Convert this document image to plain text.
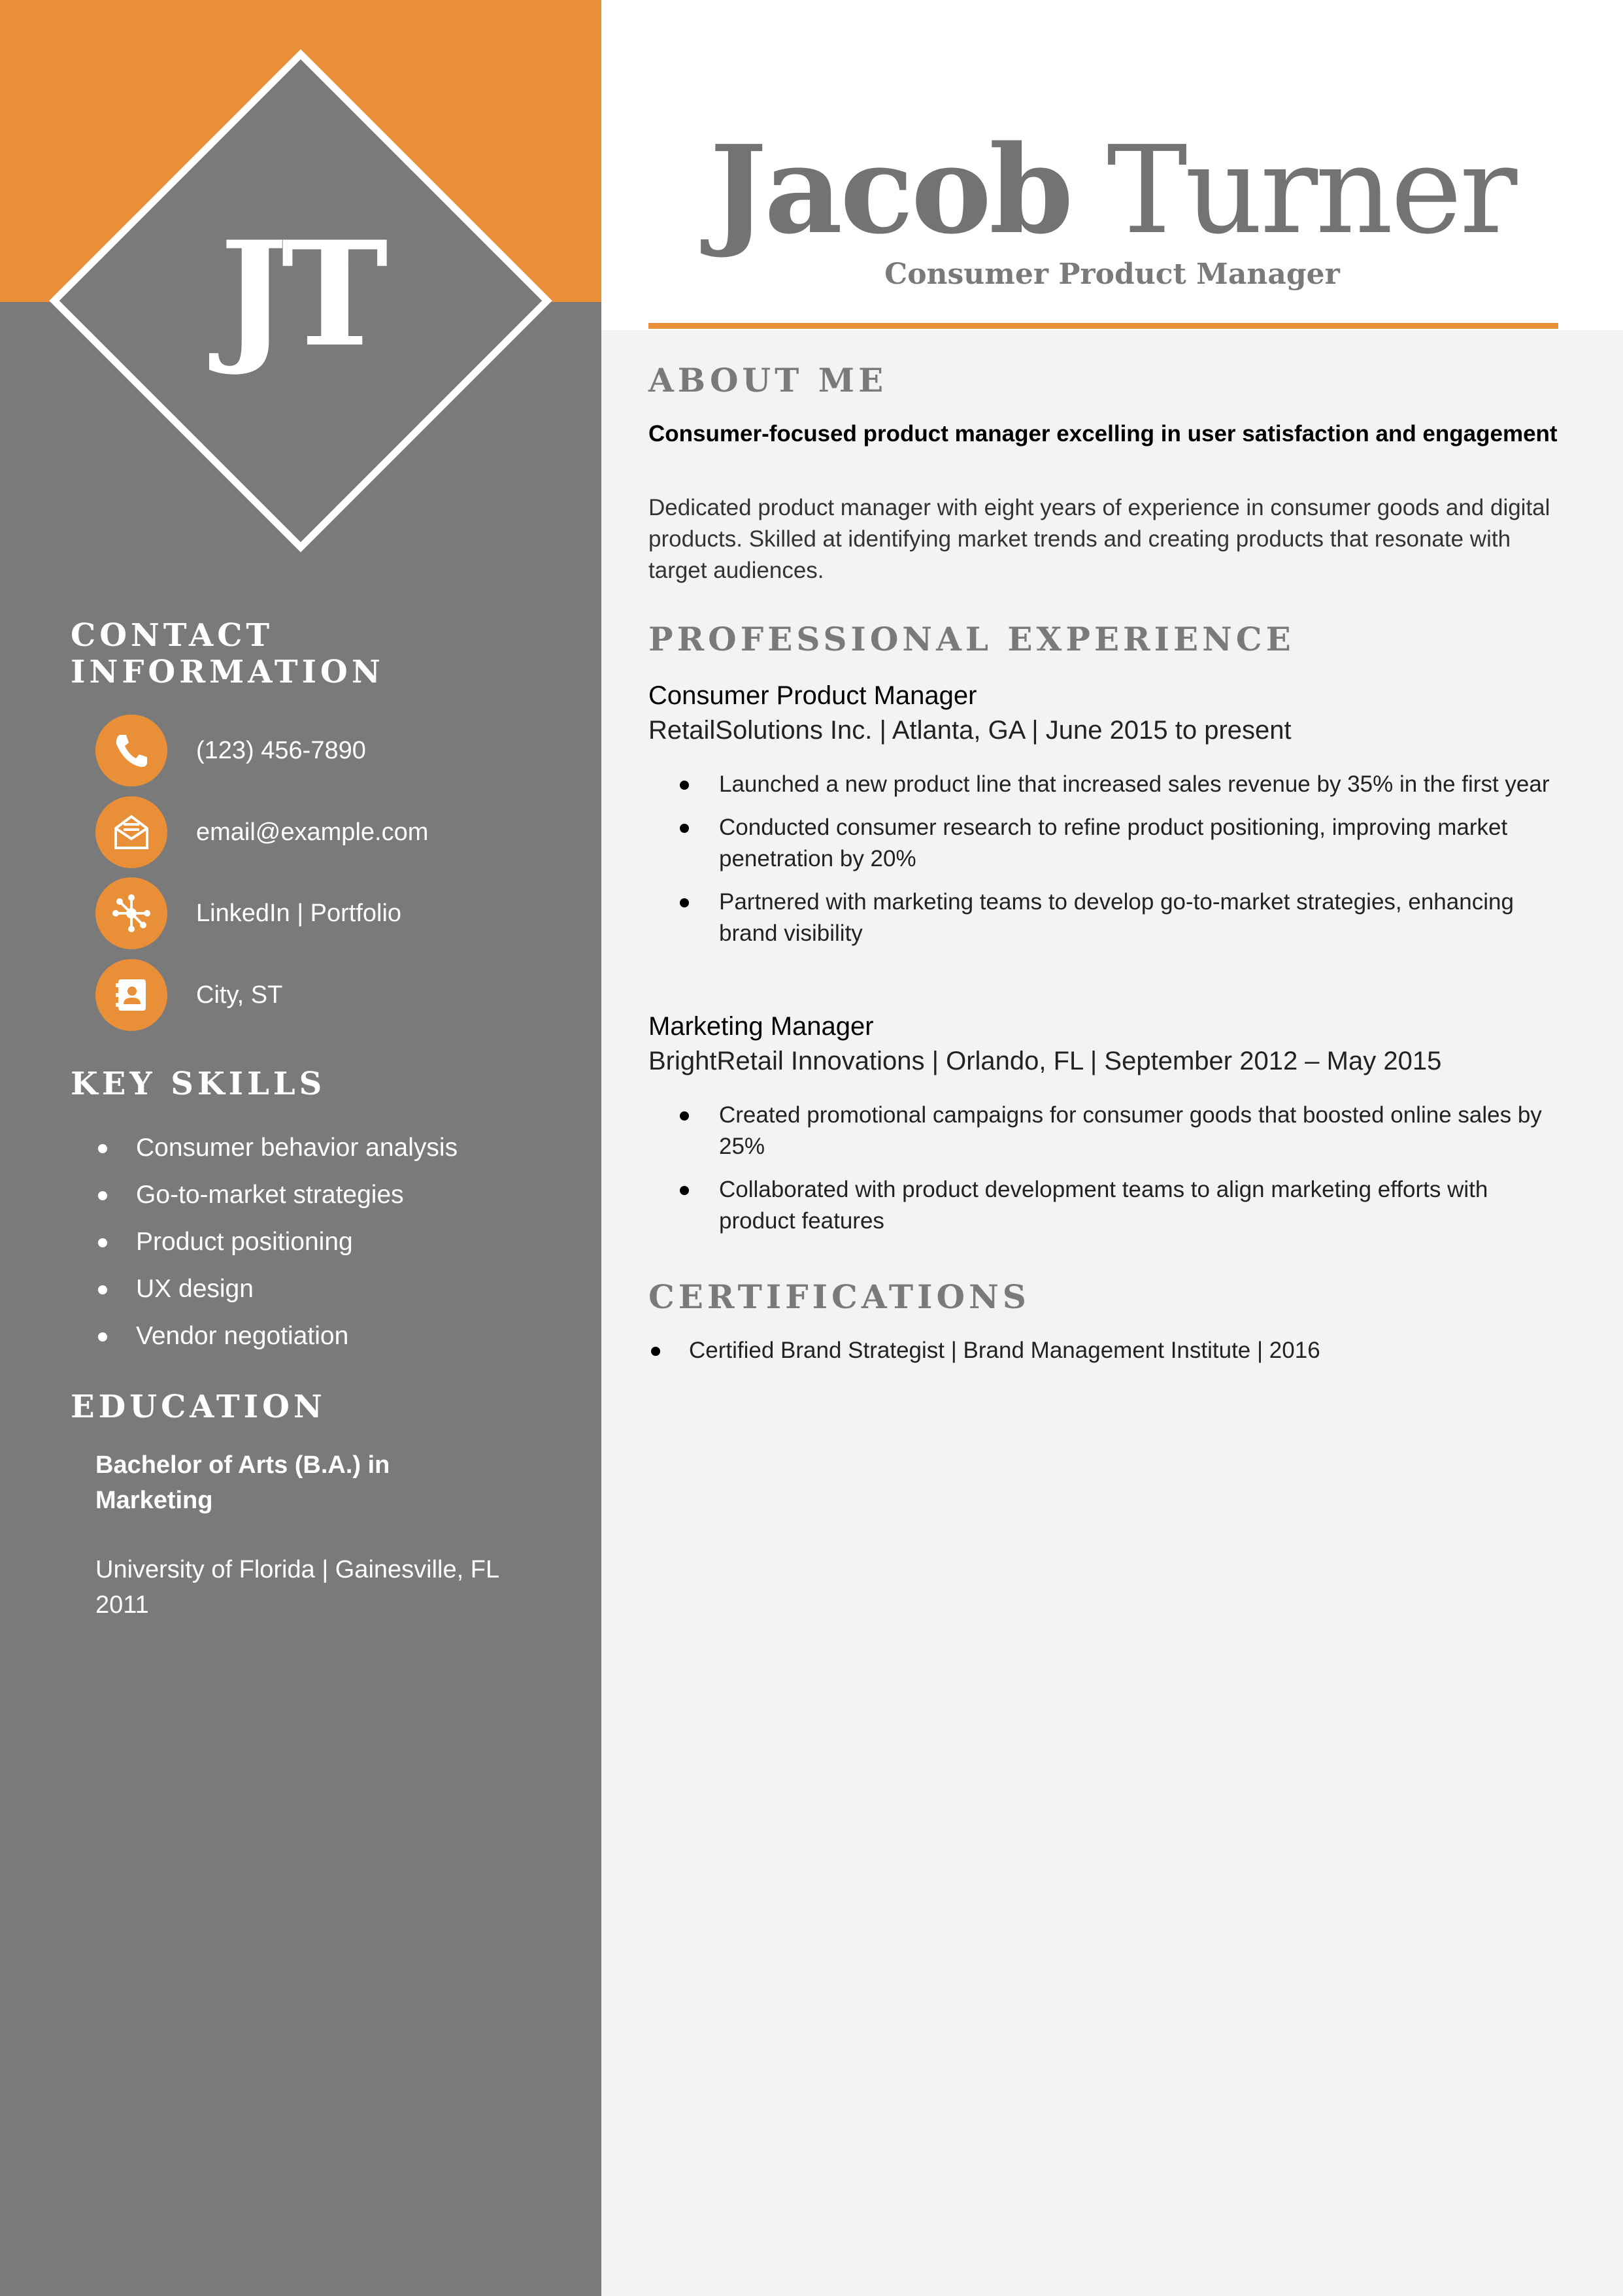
JT
CONTACT INFORMATION
(123) 456-7890
email@example.com
LinkedIn | Portfolio
City, ST
KEY SKILLS
Consumer behavior analysis
Go-to-market strategies
Product positioning
UX design
Vendor negotiation
EDUCATION
Bachelor of Arts (B.A.) in Marketing
University of Florida | Gainesville, FL 2011
Jacob Turner
Consumer Product Manager
ABOUT ME
Consumer-focused product manager excelling in user satisfaction and engagement
Dedicated product manager with eight years of experience in consumer goods and digital products. Skilled at identifying market trends and creating products that resonate with target audiences.
PROFESSIONAL EXPERIENCE
Consumer Product Manager
RetailSolutions Inc. | Atlanta, GA | June 2015 to present
Launched a new product line that increased sales revenue by 35% in the first year
Conducted consumer research to refine product positioning, improving market penetration by 20%
Partnered with marketing teams to develop go-to-market strategies, enhancing brand visibility
Marketing Manager
BrightRetail Innovations | Orlando, FL | September 2012 – May 2015
Created promotional campaigns for consumer goods that boosted online sales by 25%
Collaborated with product development teams to align marketing efforts with product features
CERTIFICATIONS
Certified Brand Strategist | Brand Management Institute | 2016
